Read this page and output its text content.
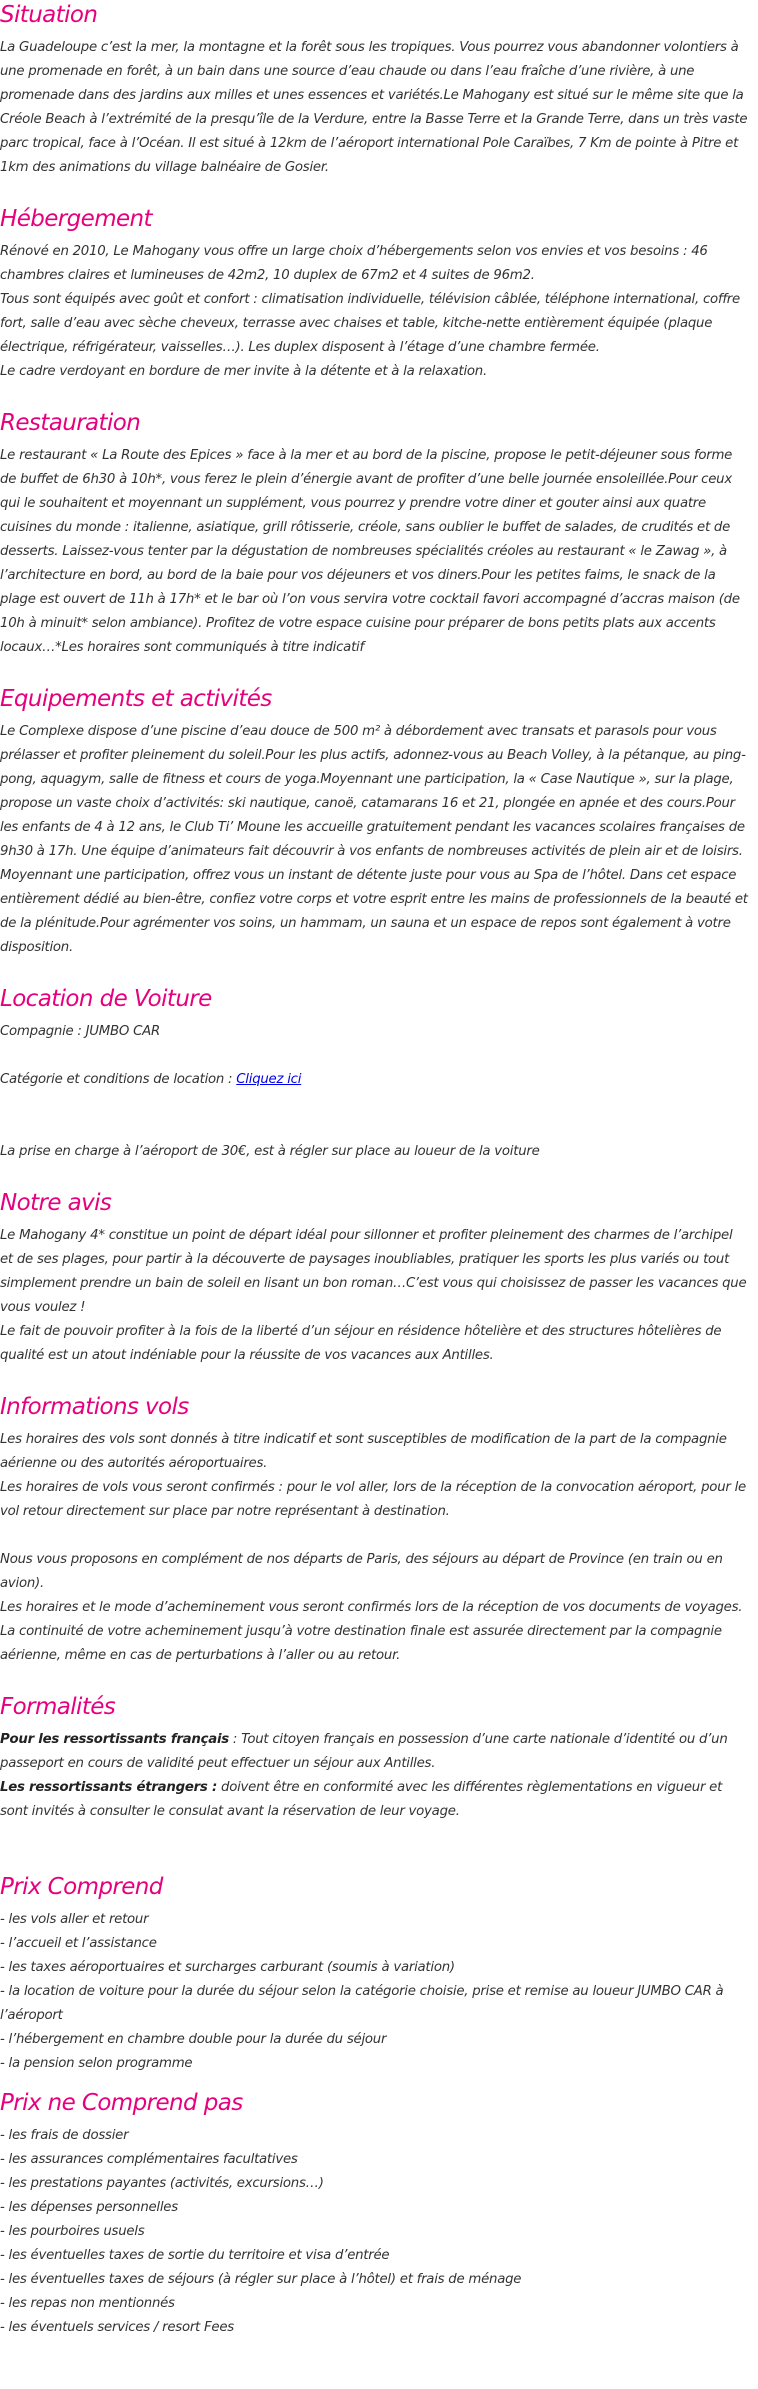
Situation

La Guadeloupe c’est la mer, la montagne et la forêt sous les tropiques. Vous pourrez vous abandonner volontiers à une promenade en forêt, à un bain dans une source d’eau chaude ou dans l’eau fraîche d’une rivière, à une promenade dans des jardins aux milles et unes essences et variétés.Le Mahogany est situé sur le même site que la Créole Beach à l’extrémité de la presqu’île de la Verdure, entre la Basse Terre et la Grande Terre, dans un très vaste parc tropical, face à l’Océan. Il est situé à 12km de l’aéroport international Pole Caraïbes, 7 Km de pointe à Pitre et 1km des animations du village balnéaire de Gosier.

Hébergement

Rénové en 2010, Le Mahogany vous offre un large choix d’hébergements selon vos envies et vos besoins : 46 chambres claires et lumineuses de 42m2, 10 duplex de 67m2 et 4 suites de 96m2.

Tous sont équipés avec goût et confort : climatisation individuelle, télévision câblée, téléphone international, coffre fort, salle d’eau avec sèche cheveux, terrasse avec chaises et table, kitche-nette entièrement équipée (plaque électrique, réfrigérateur, vaisselles…). Les duplex disposent à l’étage d’une chambre fermée.

Le cadre verdoyant en bordure de mer invite à la détente et à la relaxation.

Restauration

Le restaurant « La Route des Epices » face à la mer et au bord de la piscine, propose le petit-déjeuner sous forme de buffet de 6h30 à 10h*, vous ferez le plein d’énergie avant de profiter d’une belle journée ensoleillée.Pour ceux qui le souhaitent et moyennant un supplément, vous pourrez y prendre votre diner et gouter ainsi aux quatre cuisines du monde : italienne, asiatique, grill rôtisserie, créole, sans oublier le buffet de salades, de crudités et de desserts. Laissez-vous tenter par la dégustation de nombreuses spécialités créoles au restaurant « le Zawag », à l’architecture en bord, au bord de la baie pour vos déjeuners et vos diners.Pour les petites faims, le snack de la plage est ouvert de 11h à 17h* et le bar où l’on vous servira votre cocktail favori accompagné d’accras maison (de 10h à minuit* selon ambiance). Profitez de votre espace cuisine pour préparer de bons petits plats aux accents locaux…*Les horaires sont communiqués à titre indicatif

Equipements et activités

Le Complexe dispose d’une piscine d’eau douce de 500 m² à débordement avec transats et parasols pour vous prélasser et profiter pleinement du soleil.Pour les plus actifs, adonnez-vous au Beach Volley, à la pétanque, au ping-pong, aquagym, salle de fitness et cours de yoga.Moyennant une participation, la « Case Nautique », sur la plage, propose un vaste choix d’activités: ski nautique, canoë, catamarans 16 et 21, plongée en apnée et des cours.Pour les enfants de 4 à 12 ans, le Club Ti’ Moune les accueille gratuitement pendant les vacances scolaires françaises de 9h30 à 17h. Une équipe d’animateurs fait découvrir à vos enfants de nombreuses activités de plein air et de loisirs. Moyennant une participation, offrez vous un instant de détente juste pour vous au Spa de l’hôtel. Dans cet espace entièrement dédié au bien-être, confiez votre corps et votre esprit entre les mains de professionnels de la beauté et de la plénitude.Pour agrémenter vos soins, un hammam, un sauna et un espace de repos sont également à votre disposition.

Location de Voiture

Compagnie : JUMBO CAR

Catégorie et conditions de location : Cliquez ici

La prise en charge à l’aéroport de 30€, est à régler sur place au loueur de la voiture

Notre avis

Le Mahogany 4* constitue un point de départ idéal pour sillonner et profiter pleinement des charmes de l’archipel et de ses plages, pour partir à la découverte de paysages inoubliables, pratiquer les sports les plus variés ou tout simplement prendre un bain de soleil en lisant un bon roman…C’est vous qui choisissez de passer les vacances que vous voulez !

Le fait de pouvoir profiter à la fois de la liberté d’un séjour en résidence hôtelière et des structures hôtelières de qualité est un atout indéniable pour la réussite de vos vacances aux Antilles.

Informations vols

Les horaires des vols sont donnés à titre indicatif et sont susceptibles de modification de la part de la compagnie aérienne ou des autorités aéroportuaires.

Les horaires de vols vous seront confirmés : pour le vol aller, lors de la réception de la convocation aéroport, pour le vol retour directement sur place par notre représentant à destination.

Nous vous proposons en complément de nos départs de Paris, des séjours au départ de Province (en train ou en avion).

Les horaires et le mode d’acheminement vous seront confirmés lors de la réception de vos documents de voyages.

La continuité de votre acheminement jusqu’à votre destination finale est assurée directement par la compagnie aérienne, même en cas de perturbations à l’aller ou au retour.

Formalités

Pour les ressortissants français : Tout citoyen français en possession d’une carte nationale d’identité ou d’un passeport en cours de validité peut effectuer un séjour aux Antilles.

Les ressortissants étrangers : doivent être en conformité avec les différentes règlementations en vigueur et sont invités à consulter le consulat avant la réservation de leur voyage.

Prix Comprend
- les vols aller et retour
- l’accueil et l’assistance
- les taxes aéroportuaires et surcharges carburant (soumis à variation)
- la location de voiture pour la durée du séjour selon la catégorie choisie, prise et remise au loueur JUMBO CAR à l’aéroport
- l’hébergement en chambre double pour la durée du séjour
- la pension selon programme
Prix ne Comprend pas
- les frais de dossier
- les assurances complémentaires facultatives
- les prestations payantes (activités, excursions…)
- les dépenses personnelles
- les pourboires usuels
- les éventuelles taxes de sortie du territoire et visa d’entrée
- les éventuelles taxes de séjours (à régler sur place à l’hôtel) et frais de ménage
- les repas non mentionnés
- les éventuels services / resort Fees
